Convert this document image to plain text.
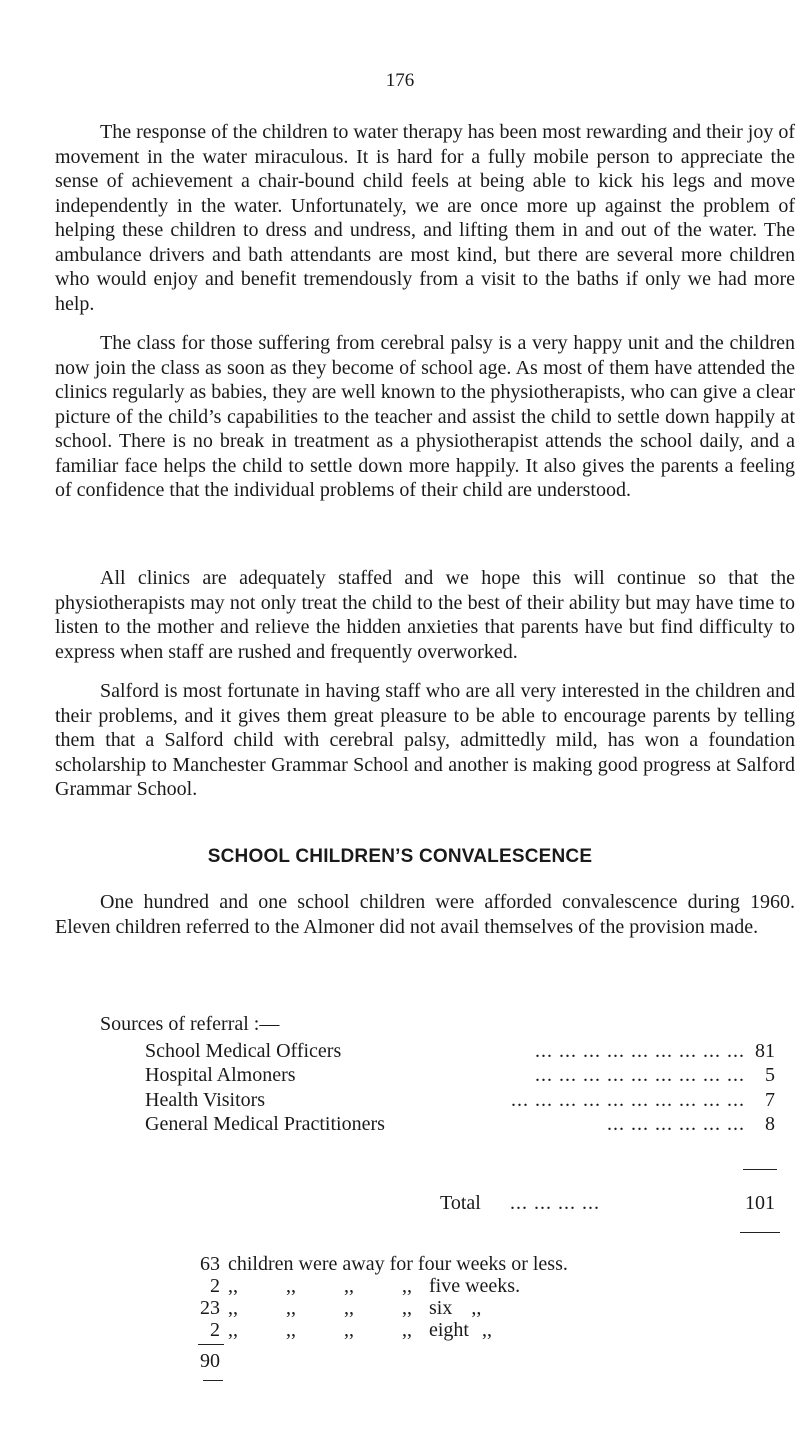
176

The response of the children to water therapy has been most rewarding and their joy of movement in the water miraculous. It is hard for a fully mobile person to appreciate the sense of achievement a chair-bound child feels at being able to kick his legs and move independently in the water. Unfortunately, we are once more up against the problem of helping these children to dress and undress, and lifting them in and out of the water. The ambulance drivers and bath attendants are most kind, but there are several more children who would enjoy and benefit tremendously from a visit to the baths if only we had more help.

The class for those suffering from cerebral palsy is a very happy unit and the children now join the class as soon as they become of school age. As most of them have attended the clinics regularly as babies, they are well known to the physiotherapists, who can give a clear picture of the child’s capabilities to the teacher and assist the child to settle down happily at school. There is no break in treatment as a physiotherapist attends the school daily, and a familiar face helps the child to settle down more happily. It also gives the parents a feeling of confidence that the individual problems of their child are understood.

All clinics are adequately staffed and we hope this will continue so that the physiotherapists may not only treat the child to the best of their ability but may have time to listen to the mother and relieve the hidden anxieties that parents have but find difficulty to express when staff are rushed and frequently overworked.

Salford is most fortunate in having staff who are all very interested in the children and their problems, and it gives them great pleasure to be able to encourage parents by telling them that a Salford child with cerebral palsy, admittedly mild, has won a foundation scholarship to Manchester Grammar School and another is making good progress at Salford Grammar School.

SCHOOL CHILDREN’S CONVALESCENCE

One hundred and one school children were afforded convalescence during 1960. Eleven children referred to the Almoner did not avail themselves of the provision made.

Sources of referral :—
School Medical Officers	... ... ... ... ... ... ... ... ... 81
Hospital Almoners	... ... ... ... ... ... ... ... ...	5
Health Visitors	... ... ... ... ... ... ... ... ... ...	7
General Medical Practitioners	... ... ... ... ... ...	8
Total ... ... ... ...	101
63 children were away for four weeks or less.
2 ,, ,, ,, ,, five weeks.
23 ,, ,, ,, ,, six ,,
2 ,, ,, ,, ,, eight ,,
90
